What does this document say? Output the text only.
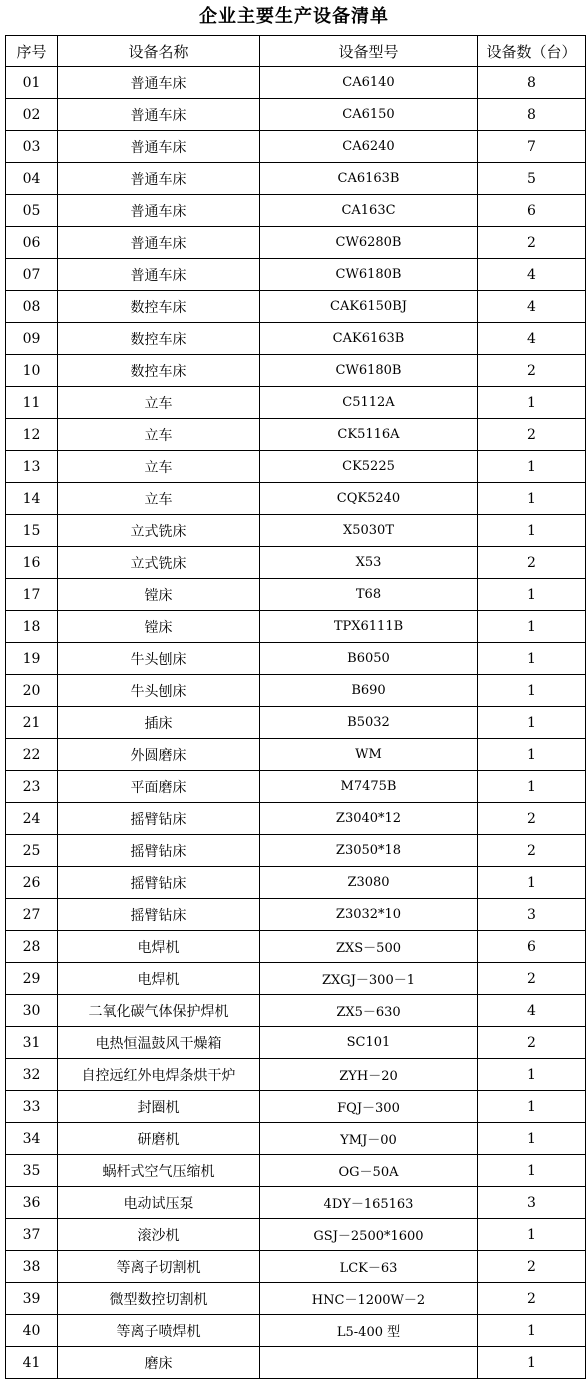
企业主要生产设备清单
序号	设备名称	设备型号	设备数（台）
01	普通车床	CA6140	8
02	普通车床	CA6150	8
03	普通车床	CA6240	7
04	普通车床	CA6163B	5
05	普通车床	CA163C	6
06	普通车床	CW6280B	2
07	普通车床	CW6180B	4
08	数控车床	CAK6150BJ	4
09	数控车床	CAK6163B	4
10	数控车床	CW6180B	2
11	立车	C5112A	1
12	立车	CK5116A	2
13	立车	CK5225	1
14	立车	CQK5240	1
15	立式铣床	X5030T	1
16	立式铣床	X53	2
17	镗床	T68	1
18	镗床	TPX6111B	1
19	牛头刨床	B6050	1
20	牛头刨床	B690	1
21	插床	B5032	1
22	外圆磨床	WM	1
23	平面磨床	M7475B	1
24	摇臂钻床	Z3040*12	2
25	摇臂钻床	Z3050*18	2
26	摇臂钻床	Z3080	1
27	摇臂钻床	Z3032*10	3
28	电焊机	ZXS－500	6
29	电焊机	ZXGJ－300－1	2
30	二氧化碳气体保护焊机	ZX5－630	4
31	电热恒温鼓风干燥箱	SC101	2
32	自控远红外电焊条烘干炉	ZYH－20	1
33	封圈机	FQJ－300	1
34	研磨机	YMJ－00	1
35	蜗杆式空气压缩机	OG－50A	1
36	电动试压泵	4DY－165163	3
37	滚沙机	GSJ－2500*1600	1
38	等离子切割机	LCK－63	2
39	微型数控切割机	HNC－1200W－2	2
40	等离子喷焊机	L5-400 型	1
41	磨床		1
